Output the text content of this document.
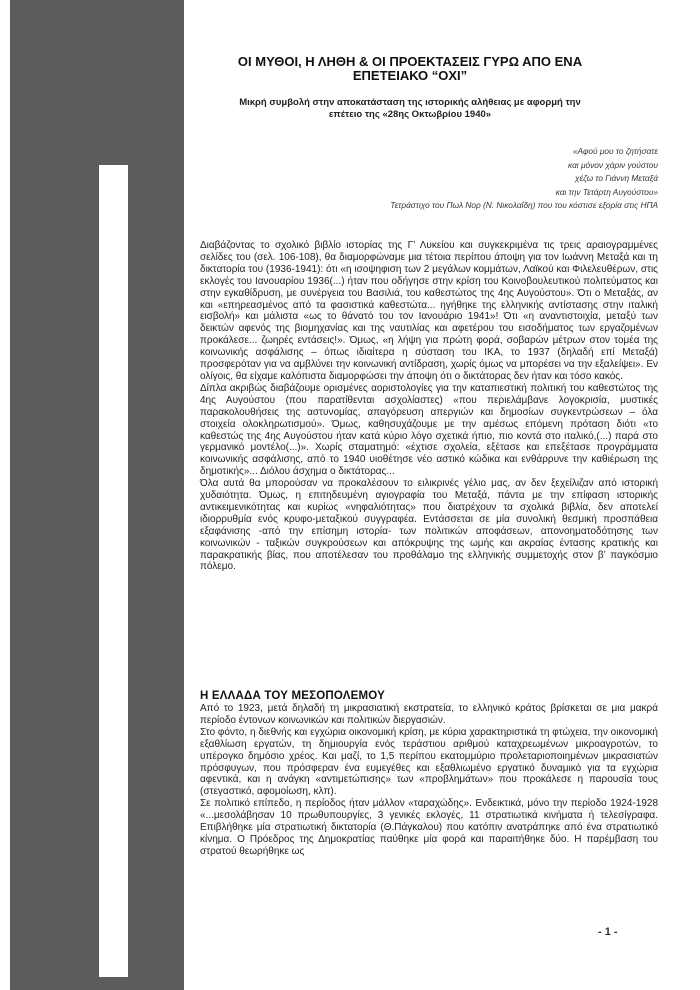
ΟΙ ΜΥΘΟΙ, Η ΛΗΘΗ & ΟΙ ΠΡΟΕΚΤΑΣΕΙΣ ΓΥΡΩ ΑΠΟ ΕΝΑ ΕΠΕΤΕΙΑΚΟ “ΟΧΙ”
Μικρή συμβολή στην αποκατάσταση της ιστορικής αλήθειας με αφορμή την επέτειο της «28ης Οκτωβρίου 1940»
«Αφού μου το ζητήσατε
και μόνον χάριν γούστου
χέζω το Γιάννη Μεταξά
και την Τετάρτη Αυγούστου»
Τετράστιχο του Πωλ Νορ (Ν. Νικολαΐδη) που του κόστισε εξορία στις ΗΠΑ

Διαβάζοντας το σχολικό βιβλίο ιστορίας της Γ’ Λυκείου και συγκεκριμένα τις τρεις αραιογραμμένες σελίδες του (σελ. 106-108), θα διαμορφώναμε μια τέτοια περίπου άποψη για τον Ιωάννη Μεταξά και τη δικτατορία του (1936-1941): ότι «η ισοψηφιση των 2 μεγάλων κομμάτων, Λαϊκού και Φιλελευθέρων, στις εκλογές του Ιανουαρίου 1936(...) ήταν που οδήγησε στην κρίση του Κοινοβουλευτικού πολιτεύματος και στην εγκαθίδρυση, με συνέργεια του Βασιλιά, του καθεστώτος της 4ης Αυγούστου». Ότι ο Μεταξάς, αν και «επηρεασμένος από τα φασιστικά καθεστώτα... ηγήθηκε της ελληνικής αντίστασης στην ιταλική εισβολή» και μάλιστα «ως το θάνατό του τον Ιανουάριο 1941»! Ότι «η αναντιστοιχία, μεταξύ των δεικτών αφενός της βιομηχανίας και της ναυτιλίας και αφετέρου του εισοδήματος των εργαζομένων προκάλεσε... ζωηρές εντάσεις!». Όμως, «η λήψη για πρώτη φορά, σοβαρών μέτρων στον τομέα της κοινωνικής ασφάλισης – όπως ιδιαίτερα η σύσταση του ΙΚΑ, το 1937 (δηλαδή επί Μεταξά) προσφερόταν για να αμβλύνει την κοινωνική αντίδραση, χωρίς όμως να μπορέσει να την εξαλείψει». Εν ολίγοις, θα είχαμε καλόπιστα διαμορφώσει την άποψη ότι ο δικτάτορας δεν ήταν και τόσο κακός.

Δίπλα ακριβώς διαβάζουμε ορισμένες αοριστολογίες για την καταπιεστική πολιτική του καθεστώτος της 4ης Αυγούστου (που παρατίθενται ασχολίαστες) «που περιελάμβανε λογοκρισία, μυστικές παρακολουθήσεις της αστυνομίας, απαγόρευση απεργιών και δημοσίων συγκεντρώσεων – όλα στοιχεία ολοκληρωτισμού». Όμως, καθησυχάζουμε με την αμέσως επόμενη πρόταση διότι «το καθεστώς της 4ης Αυγούστου ήταν κατά κύριο λόγο σχετικά ήπιο, πιο κοντά στο ιταλικό,(...) παρά στο γερμανικό μοντέλο(...)». Χωρίς σταματημό: «έχτισε σχολεία, εξέτασε και επεξέτασε προγράμματα κοινωνικής ασφάλισης, από το 1940 υιοθέτησε νέο αστικό κώδικα και ενθάρρυνε την καθιέρωση της δημοτικής»... Διόλου άσχημα ο δικτάτορας...

Όλα αυτά θα μπορούσαν να προκαλέσουν το ειλικρινές γέλιο μας, αν δεν ξεχείλιζαν από ιστορική χυδαιότητα. Όμως, η επιτηδευμένη αγιογραφία του Μεταξά, πάντα με την επίφαση ιστορικής αντικειμενικότητας και κυρίως «νηφαλιότητας» που διατρέχουν τα σχολικά βιβλία, δεν αποτελεί ιδιορρυθμία ενός κρυφο-μεταξικού συγγραφέα. Εντάσσεται σε μία συνολική θεσμική προσπάθεια εξαφάνισης -από την επίσημη ιστορία- των πολιτικών αποφάσεων, απονοηματοδότησης των κοινωνικών - ταξικών συγκρούσεων και απόκρυψης της ωμής και ακραίας έντασης κρατικής και παρακρατικής βίας, που αποτέλεσαν του προθάλαμο της ελληνικής συμμετοχής στον β’ παγκόσμιο πόλεμο.

Η ΕΛΛΑΔΑ ΤΟΥ ΜΕΣΟΠΟΛΕΜΟΥ

Από το 1923, μετά δηλαδή τη μικρασιατική εκστρατεία, το ελληνικό κράτος βρίσκεται σε μια μακρά περίοδο έντονων κοινωνικών και πολιτικών διεργασιών.

Στο φόντο, η διεθνής και εγχώρια οικονομική κρίση, με κύρια χαρακτηριστικά τη φτώχεια, την οικονομική εξαθλίωση εργατών, τη δημιουργία ενός τεράστιου αριθμού καταχρεωμένων μικροαγροτών, το υπέρογκο δημόσιο χρέος. Και μαζί, το 1,5 περίπου εκατομμύριο προλεταριοποιημένων μικρασιατών πρόσφυγων, που πρόσφεραν ένα ευμεγέθες και εξαθλιωμένο εργατικό δυναμικό για τα εγχώρια αφεντικά, και η ανάγκη «αντιμετώπισης» των «προβλημάτων» που προκάλεσε η παρουσία τους (στεγαστικό, αφομοίωση, κλπ).

Σε πολιτικό επίπεδο, η περίοδος ήταν μάλλον «ταραχώδης». Ενδεικτικά, μόνο την περίοδο 1924-1928 «...μεσολάβησαν 10 πρωθυπουργίες, 3 γενικές εκλογές, 11 στρατιωτικά κινήματα ή τελεσίγραφα. Επιβλήθηκε μία στρατιωτική δικτατορία (Θ.Πάγκαλου) που κατόπιν ανατράπηκε από ένα στρατιωτικό κίνημα. Ο Πρόεδρος της Δημοκρατίας παύθηκε μία φορά και παραιτήθηκε δύο. Η παρέμβαση του στρατού θεωρήθηκε ως

- 1 -
